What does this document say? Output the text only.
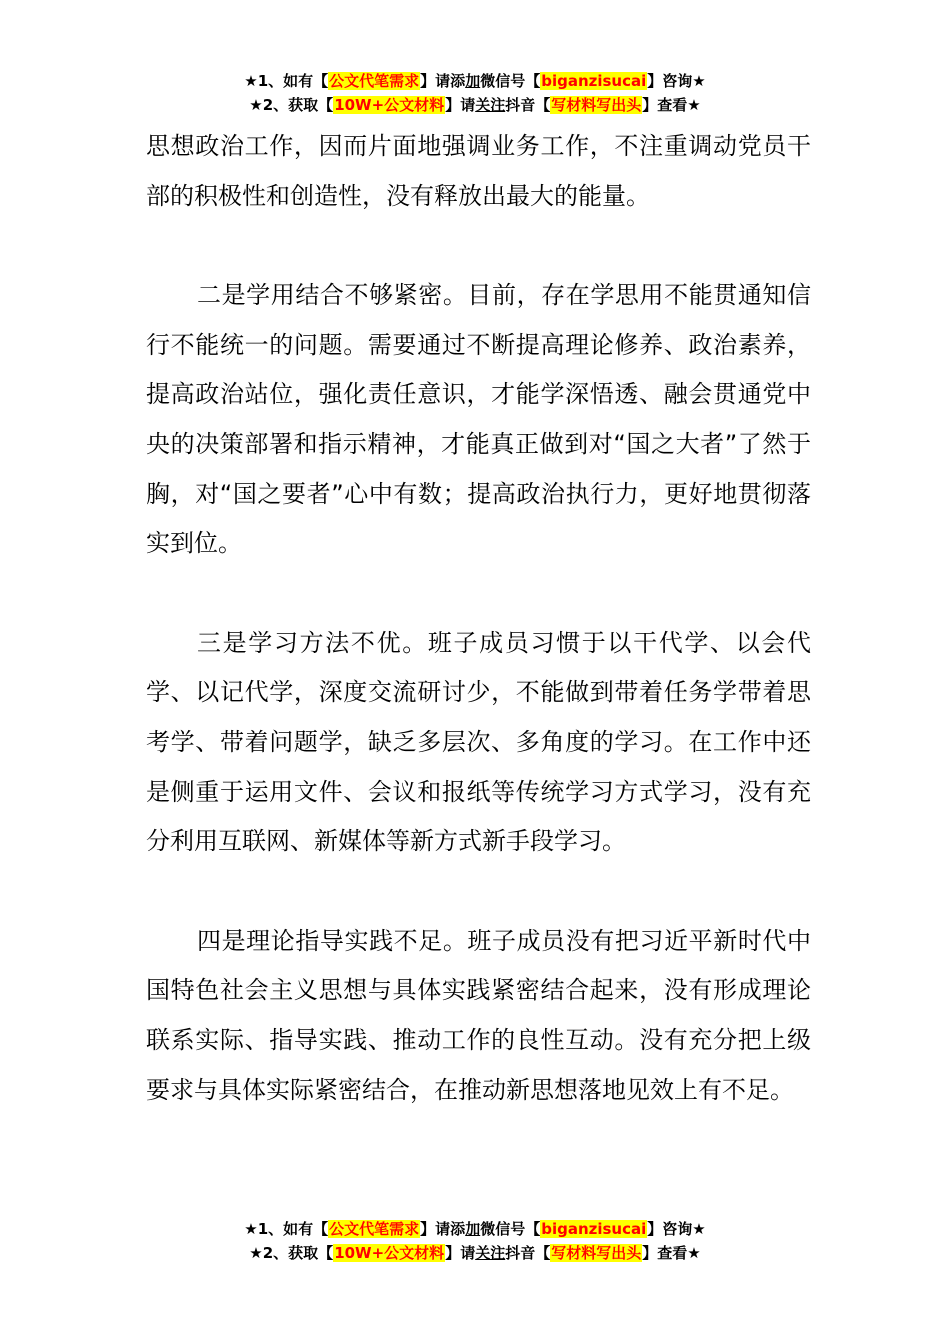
★1、如有【公文代笔需求】请添加微信号【biganzisucai】咨询★
★2、获取【10W+公文材料】请关注抖音【写材料写出头】查看★

思想政治工作，因而片面地强调业务工作，不注重调动党员干部的积极性和创造性，没有释放出最大的能量。

二是学用结合不够紧密。目前，存在学思用不能贯通知信行不能统一的问题。需要通过不断提高理论修养、政治素养，提高政治站位，强化责任意识，才能学深悟透、融会贯通党中央的决策部署和指示精神，才能真正做到对“国之大者”了然于胸，对“国之要者”心中有数；提高政治执行力，更好地贯彻落实到位。

三是学习方法不优。班子成员习惯于以干代学、以会代学、以记代学，深度交流研讨少，不能做到带着任务学带着思考学、带着问题学，缺乏多层次、多角度的学习。在工作中还是侧重于运用文件、会议和报纸等传统学习方式学习，没有充分利用互联网、新媒体等新方式新手段学习。

四是理论指导实践不足。班子成员没有把习近平新时代中国特色社会主义思想与具体实践紧密结合起来，没有形成理论联系实际、指导实践、推动工作的良性互动。没有充分把上级要求与具体实际紧密结合，在推动新思想落地见效上有不足。

★1、如有【公文代笔需求】请添加微信号【biganzisucai】咨询★
★2、获取【10W+公文材料】请关注抖音【写材料写出头】查看★
